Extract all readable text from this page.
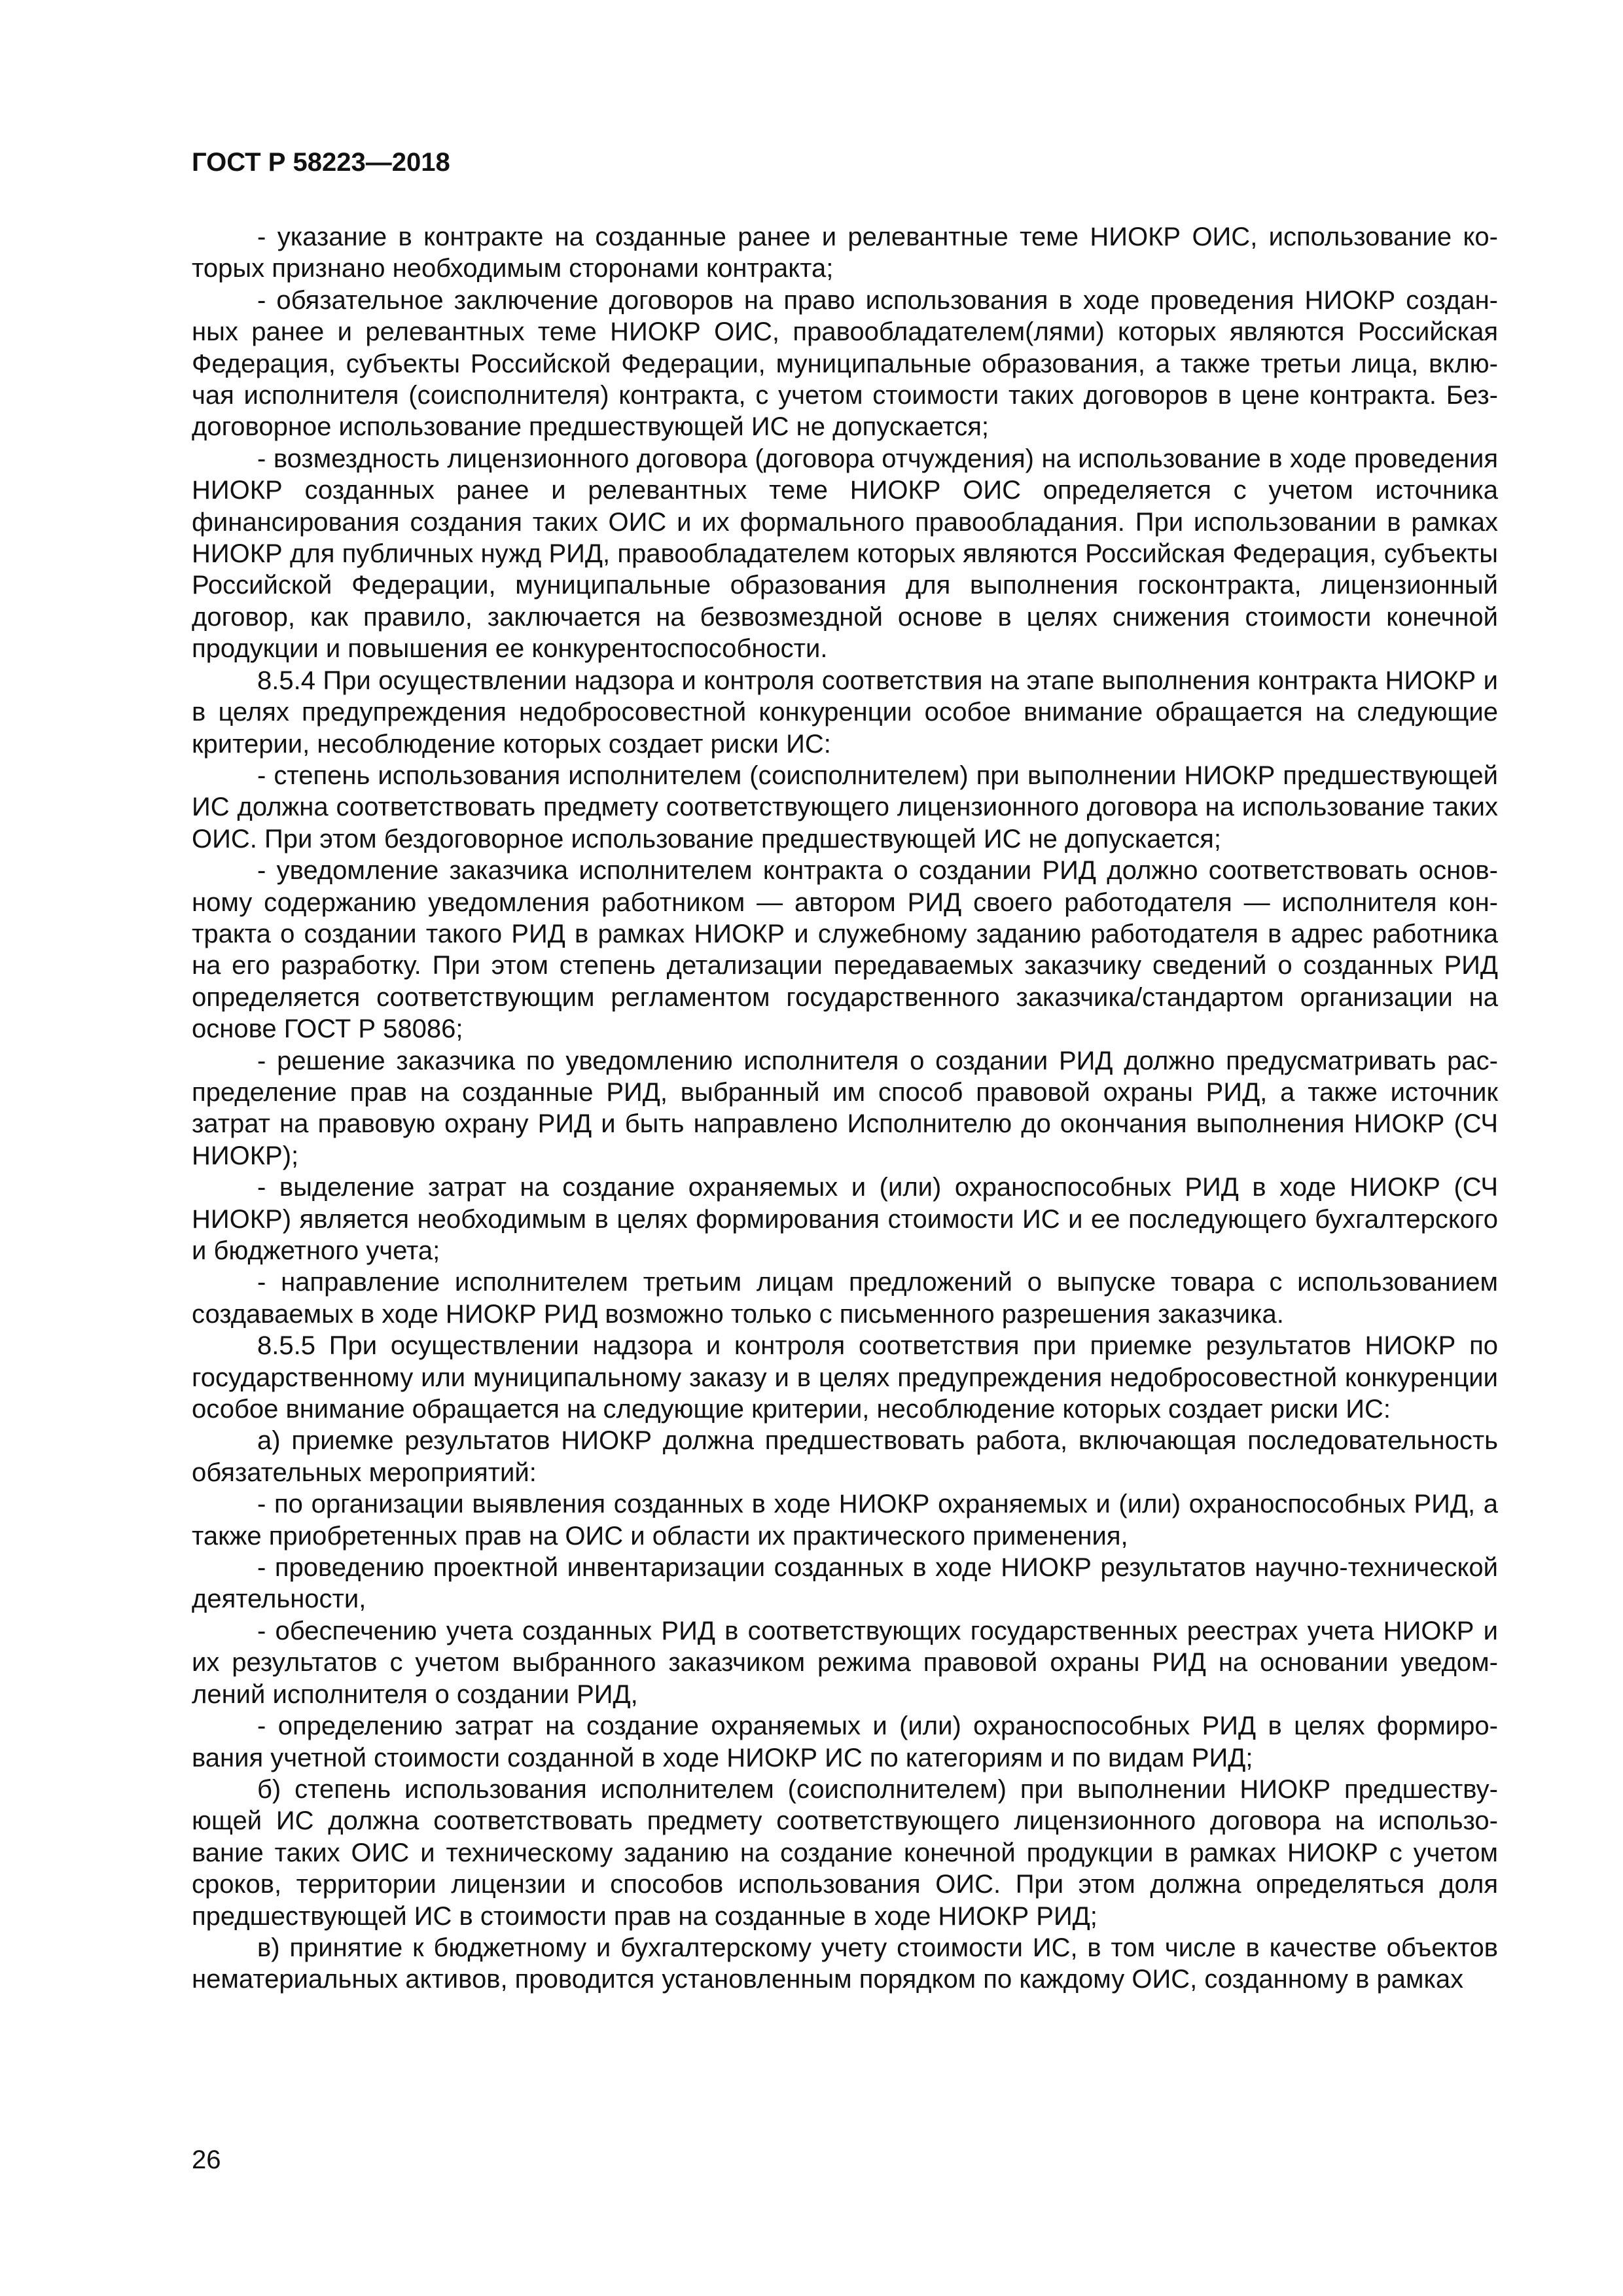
ГОСТ Р 58223—2018

- указание в контракте на созданные ранее и релевантные теме НИОКР ОИС, использование которых признано необходимым сторонами контракта;

- обязательное заключение договоров на право использования в ходе проведения НИОКР созданных ранее и релевантных теме НИОКР ОИС, правообладателем(лями) которых являются Российская Федерация, субъекты Российской Федерации, муниципальные образования, а также третьи лица, включая исполнителя (соисполнителя) контракта, с учетом стоимости таких договоров в цене контракта. Бездоговорное использование предшествующей ИС не допускается;

- возмездность лицензионного договора (договора отчуждения) на использование в ходе проведения НИОКР созданных ранее и релевантных теме НИОКР ОИС определяется с учетом источника финансирования создания таких ОИС и их формального правообладания. При использовании в рамках НИОКР для публичных нужд РИД, правообладателем которых являются Российская Федерация, субъекты Российской Федерации, муниципальные образования для выполнения госконтракта, лицензионный договор, как правило, заключается на безвозмездной основе в целях снижения стоимости конечной продукции и повышения ее конкурентоспособности.

8.5.4 При осуществлении надзора и контроля соответствия на этапе выполнения контракта НИОКР и в целях предупреждения недобросовестной конкуренции особое внимание обращается на следующие критерии, несоблюдение которых создает риски ИС:

- степень использования исполнителем (соисполнителем) при выполнении НИОКР предшествующей ИС должна соответствовать предмету соответствующего лицензионного договора на использование таких ОИС. При этом бездоговорное использование предшествующей ИС не допускается;

- уведомление заказчика исполнителем контракта о создании РИД должно соответствовать основному содержанию уведомления работником — автором РИД своего работодателя — исполнителя контракта о создании такого РИД в рамках НИОКР и служебному заданию работодателя в адрес работника на его разработку. При этом степень детализации передаваемых заказчику сведений о созданных РИД определяется соответствующим регламентом государственного заказчика/стандартом организации на основе ГОСТ Р 58086;

- решение заказчика по уведомлению исполнителя о создании РИД должно предусматривать распределение прав на созданные РИД, выбранный им способ правовой охраны РИД, а также источник затрат на правовую охрану РИД и быть направлено Исполнителю до окончания выполнения НИОКР (СЧ НИОКР);

- выделение затрат на создание охраняемых и (или) охраноспособных РИД в ходе НИОКР (СЧ НИОКР) является необходимым в целях формирования стоимости ИС и ее последующего бухгалтерского и бюджетного учета;

- направление исполнителем третьим лицам предложений о выпуске товара с использованием создаваемых в ходе НИОКР РИД возможно только с письменного разрешения заказчика.

8.5.5 При осуществлении надзора и контроля соответствия при приемке результатов НИОКР по государственному или муниципальному заказу и в целях предупреждения недобросовестной конкуренции особое внимание обращается на следующие критерии, несоблюдение которых создает риски ИС:

а) приемке результатов НИОКР должна предшествовать работа, включающая последовательность обязательных мероприятий:

- по организации выявления созданных в ходе НИОКР охраняемых и (или) охраноспособных РИД, а также приобретенных прав на ОИС и области их практического применения,

- проведению проектной инвентаризации созданных в ходе НИОКР результатов научно-технической деятельности,

- обеспечению учета созданных РИД в соответствующих государственных реестрах учета НИОКР и их результатов с учетом выбранного заказчиком режима правовой охраны РИД на основании уведомлений исполнителя о создании РИД,

- определению затрат на создание охраняемых и (или) охраноспособных РИД в целях формирования учетной стоимости созданной в ходе НИОКР ИС по категориям и по видам РИД;

б) степень использования исполнителем (соисполнителем) при выполнении НИОКР предшествующей ИС должна соответствовать предмету соответствующего лицензионного договора на использование таких ОИС и техническому заданию на создание конечной продукции в рамках НИОКР с учетом сроков, территории лицензии и способов использования ОИС. При этом должна определяться доля предшествующей ИС в стоимости прав на созданные в ходе НИОКР РИД;

в) принятие к бюджетному и бухгалтерскому учету стоимости ИС, в том числе в качестве объектов нематериальных активов, проводится установленным порядком по каждому ОИС, созданному в рамках

26
